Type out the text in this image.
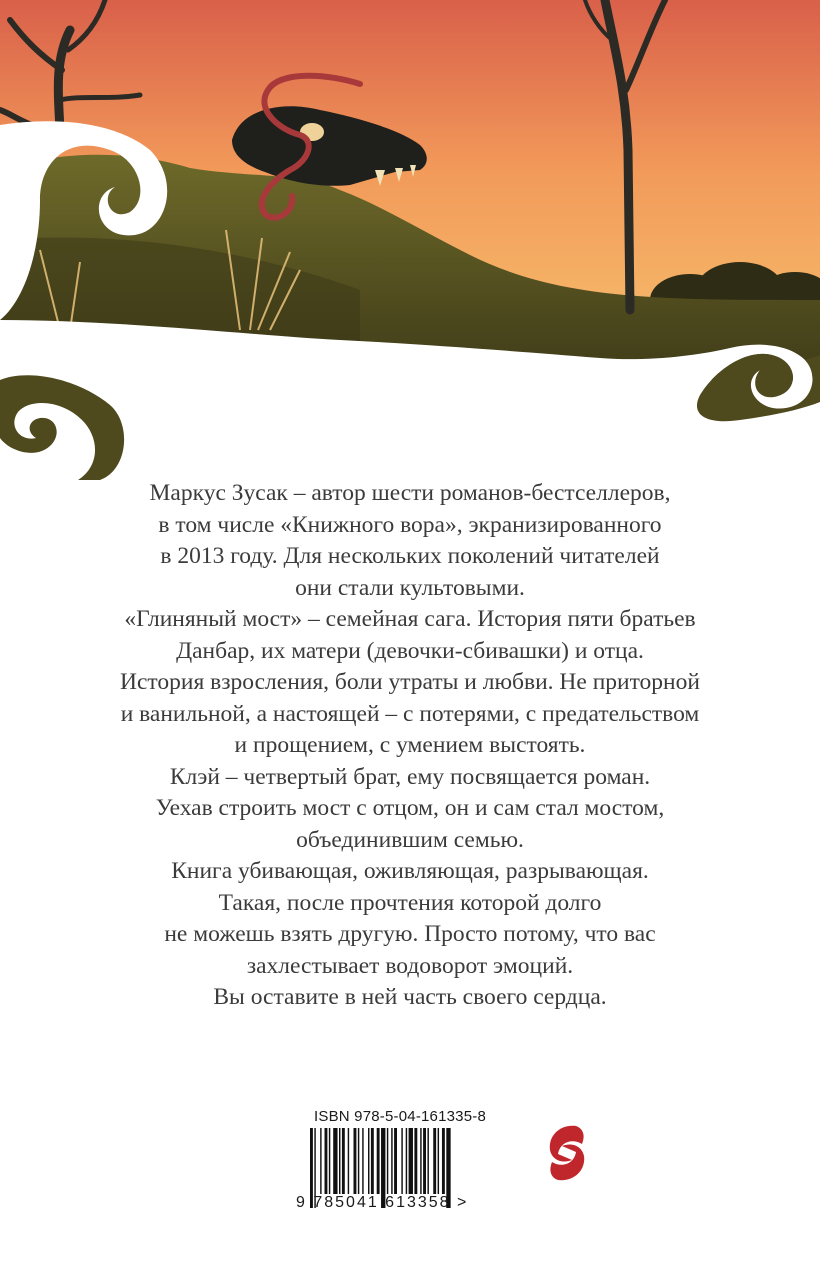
Маркус Зусак – автор шести романов-бестселлеров,

в том числе «Книжного вора», экранизированного

в 2013 году. Для нескольких поколений читателей

они стали культовыми.

«Глиняный мост» – семейная сага. История пяти братьев

Данбар, их матери (девочки-сбивашки) и отца.

История взросления, боли утраты и любви. Не приторной

и ванильной, а настоящей – с потерями, с предательством

и прощением, с умением выстоять.

Клэй – четвертый брат, ему посвящается роман.

Уехав строить мост с отцом, он и сам стал мостом,

объединившим семью.

Книга убивающая, оживляющая, разрывающая.

Такая, после прочтения которой долго

не можешь взять другую. Просто потому, что вас

захлестывает водоворот эмоций.

Вы оставите в ней часть своего сердца.

ISBN 978-5-04-161335-8
9 785041 613358 >
